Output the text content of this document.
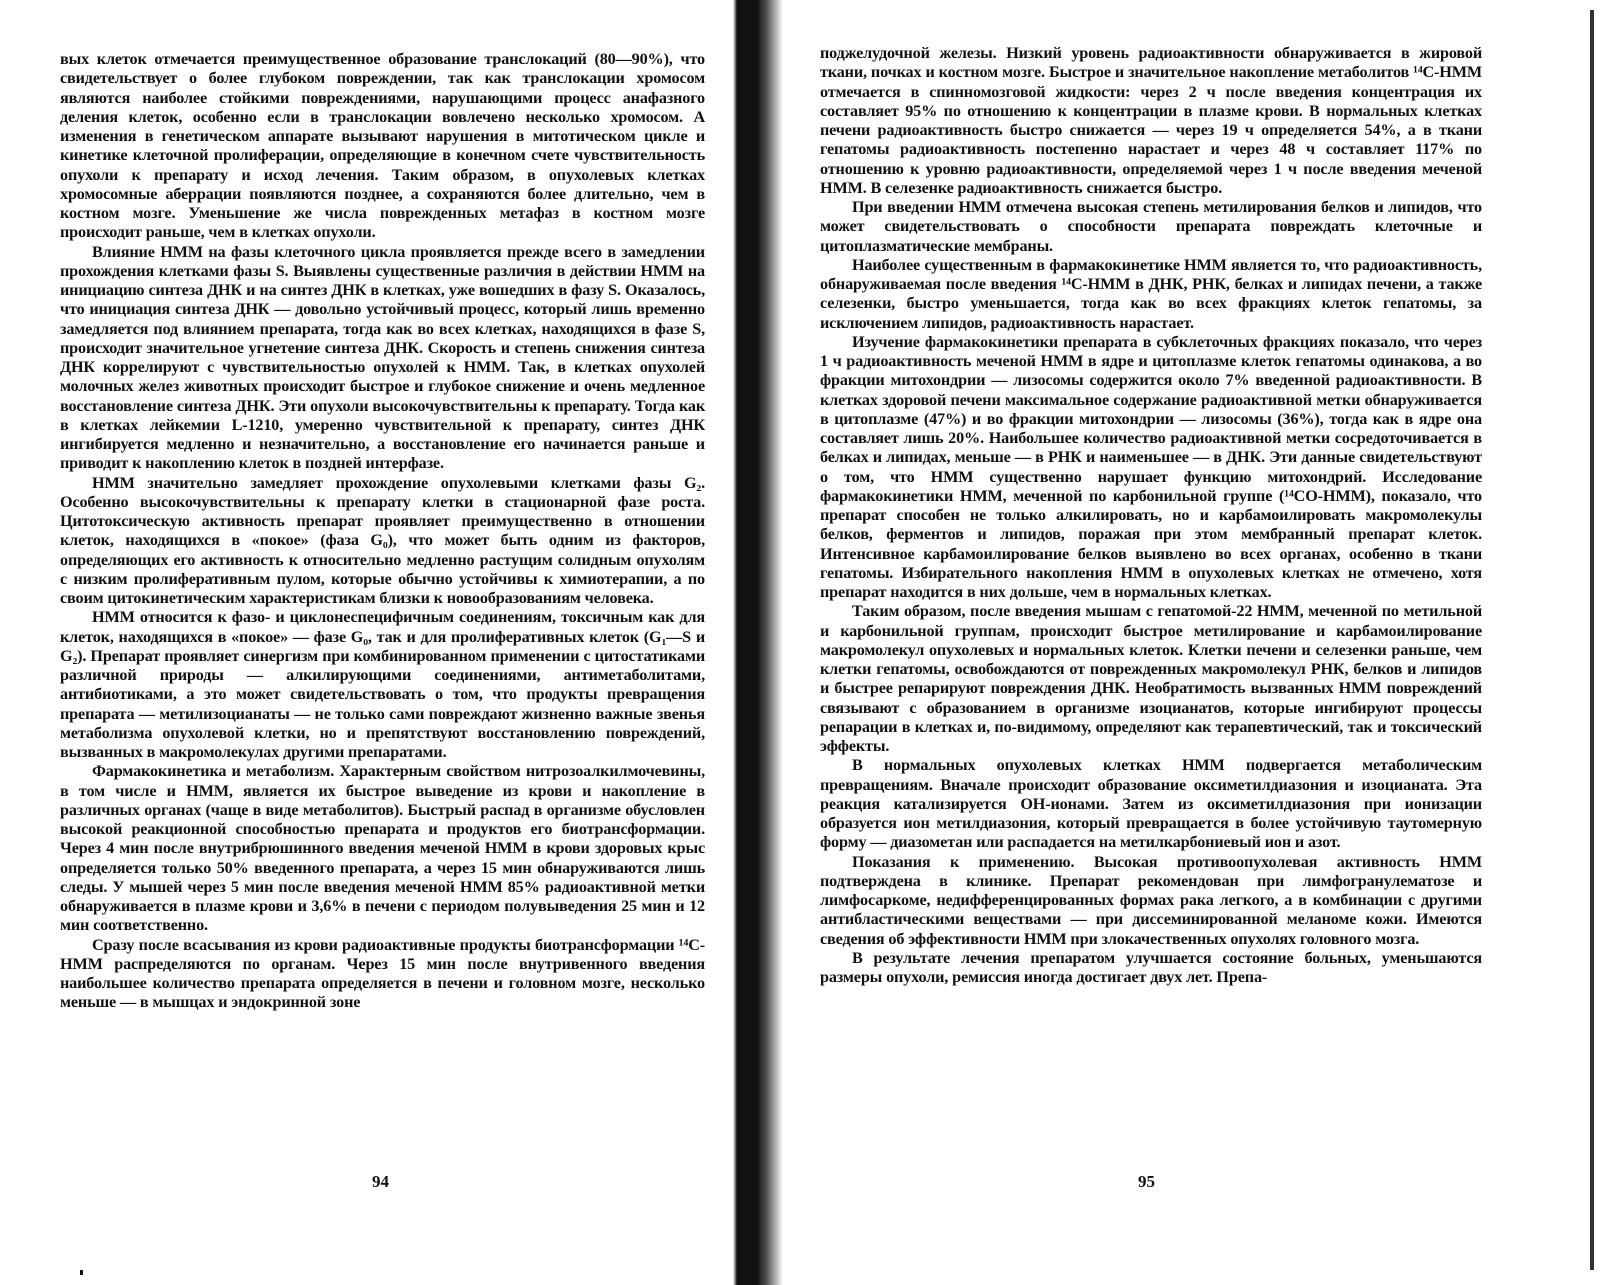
вых клеток отмечается преимущественное образование транслокаций (80—90%), что свидетельствует о более глубоком повреждении, так как транслокации хромосом являются наиболее стойкими повреждениями, нарушающими процесс анафазного деления клеток, особенно если в транслокации вовлечено несколько хромосом. А изменения в генетическом аппарате вызывают нарушения в митотическом цикле и кинетике клеточной пролиферации, определяющие в конечном счете чувствительность опухоли к препарату и исход лечения. Таким образом, в опухолевых клетках хромосомные аберрации появляются позднее, а сохраняются более длительно, чем в костном мозге. Уменьшение же числа поврежденных метафаз в костном мозге происходит раньше, чем в клетках опухоли.

Влияние НММ на фазы клеточного цикла проявляется прежде всего в замедлении прохождения клетками фазы S. Выявлены существенные различия в действии НММ на инициацию синтеза ДНК и на синтез ДНК в клетках, уже вошедших в фазу S. Оказалось, что инициация синтеза ДНК — довольно устойчивый процесс, который лишь временно замедляется под влиянием препарата, тогда как во всех клетках, находящихся в фазе S, происходит значительное угнетение синтеза ДНК. Скорость и степень снижения синтеза ДНК коррелируют с чувствительностью опухолей к НММ. Так, в клетках опухолей молочных желез животных происходит быстрое и глубокое снижение и очень медленное восстановление синтеза ДНК. Эти опухоли высокочувствительны к препарату. Тогда как в клетках лейкемии L-1210, умеренно чувствительной к препарату, синтез ДНК ингибируется медленно и незначительно, а восстановление его начинается раньше и приводит к накоплению клеток в поздней интерфазе.

НММ значительно замедляет прохождение опухолевыми клетками фазы G₂. Особенно высокочувствительны к препарату клетки в стационарной фазе роста. Цитотоксическую активность препарат проявляет преимущественно в отношении клеток, находящихся в «покое» (фаза G₀), что может быть одним из факторов, определяющих его активность к относительно медленно растущим солидным опухолям с низким пролиферативным пулом, которые обычно устойчивы к химиотерапии, а по своим цитокинетическим характеристикам близки к новообразованиям человека.

НММ относится к фазо- и циклонеспецифичным соединениям, токсичным как для клеток, находящихся в «покое» — фазе G₀, так и для пролиферативных клеток (G₁—S и G₂). Препарат проявляет синергизм при комбинированном применении с цитостатиками различной природы — алкилирующими соединениями, антиметаболитами, антибиотиками, а это может свидетельствовать о том, что продукты превращения препарата — метилизоцианаты — не только сами повреждают жизненно важные звенья метаболизма опухолевой клетки, но и препятствуют восстановлению повреждений, вызванных в макромолекулах другими препаратами.

Фармакокинетика и метаболизм. Характерным свойством нитрозоалкилмочевины, в том числе и НММ, является их быстрое выведение из крови и накопление в различных органах (чаще в виде метаболитов). Быстрый распад в организме обусловлен высокой реакционной способностью препарата и продуктов его биотрансформации. Через 4 мин после внутрибрюшинного введения меченой НММ в крови здоровых крыс определяется только 50% введенного препарата, а через 15 мин обнаруживаются лишь следы. У мышей через 5 мин после введения меченой НММ 85% радиоактивной метки обнаруживается в плазме крови и 3,6% в печени с периодом полувыведения 25 мин и 12 мин соответственно.

Сразу после всасывания из крови радиоактивные продукты биотрансформации ¹⁴С-НММ распределяются по органам. Через 15 мин после внутривенного введения наибольшее количество препарата определяется в печени и головном мозге, несколько меньше — в мышцах и эндокринной зоне

94

поджелудочной железы. Низкий уровень радиоактивности обнаруживается в жировой ткани, почках и костном мозге. Быстрое и значительное накопление метаболитов ¹⁴С-НММ отмечается в спинномозговой жидкости: через 2 ч после введения концентрация их составляет 95% по отношению к концентрации в плазме крови. В нормальных клетках печени радиоактивность быстро снижается — через 19 ч определяется 54%, а в ткани гепатомы радиоактивность постепенно нарастает и через 48 ч составляет 117% по отношению к уровню радиоактивности, определяемой через 1 ч после введения меченой НММ. В селезенке радиоактивность снижается быстро.

При введении НММ отмечена высокая степень метилирования белков и липидов, что может свидетельствовать о способности препарата повреждать клеточные и цитоплазматические мембраны.

Наиболее существенным в фармакокинетике НММ является то, что радиоактивность, обнаруживаемая после введения ¹⁴С-НММ в ДНК, РНК, белках и липидах печени, а также селезенки, быстро уменьшается, тогда как во всех фракциях клеток гепатомы, за исключением липидов, радиоактивность нарастает.

Изучение фармакокинетики препарата в субклеточных фракциях показало, что через 1 ч радиоактивность меченой НММ в ядре и цитоплазме клеток гепатомы одинакова, а во фракции митохондрии — лизосомы содержится около 7% введенной радиоактивности. В клетках здоровой печени максимальное содержание радиоактивной метки обнаруживается в цитоплазме (47%) и во фракции митохондрии — лизосомы (36%), тогда как в ядре она составляет лишь 20%. Наибольшее количество радиоактивной метки сосредоточивается в белках и липидах, меньше — в РНК и наименьшее — в ДНК. Эти данные свидетельствуют о том, что НММ существенно нарушает функцию митохондрий. Исследование фармакокинетики НММ, меченной по карбонильной группе (¹⁴СО-НММ), показало, что препарат способен не только алкилировать, но и карбамоилировать макромолекулы белков, ферментов и липидов, поражая при этом мембранный препарат клеток. Интенсивное карбамоилирование белков выявлено во всех органах, особенно в ткани гепатомы. Избирательного накопления НММ в опухолевых клетках не отмечено, хотя препарат находится в них дольше, чем в нормальных клетках.

Таким образом, после введения мышам с гепатомой-22 НММ, меченной по метильной и карбонильной группам, происходит быстрое метилирование и карбамоилирование макромолекул опухолевых и нормальных клеток. Клетки печени и селезенки раньше, чем клетки гепатомы, освобождаются от поврежденных макромолекул РНК, белков и липидов и быстрее репарируют повреждения ДНК. Необратимость вызванных НММ повреждений связывают с образованием в организме изоцианатов, которые ингибируют процессы репарации в клетках и, по-видимому, определяют как терапевтический, так и токсический эффекты.

В нормальных опухолевых клетках НММ подвергается метаболическим превращениям. Вначале происходит образование оксиметилдиазония и изоцианата. Эта реакция катализируется ОН-ионами. Затем из оксиметилдиазония при ионизации образуется ион метилдиазония, который превращается в более устойчивую таутомерную форму — диазометан или распадается на метилкарбониевый ион и азот.

Показания к применению. Высокая противоопухолевая активность НММ подтверждена в клинике. Препарат рекомендован при лимфогранулематозе и лимфосаркоме, недифференцированных формах рака легкого, а в комбинации с другими антибластическими веществами — при диссеминированной меланоме кожи. Имеются сведения об эффективности НММ при злокачественных опухолях головного мозга.

В результате лечения препаратом улучшается состояние больных, уменьшаются размеры опухоли, ремиссия иногда достигает двух лет. Препа-

95
